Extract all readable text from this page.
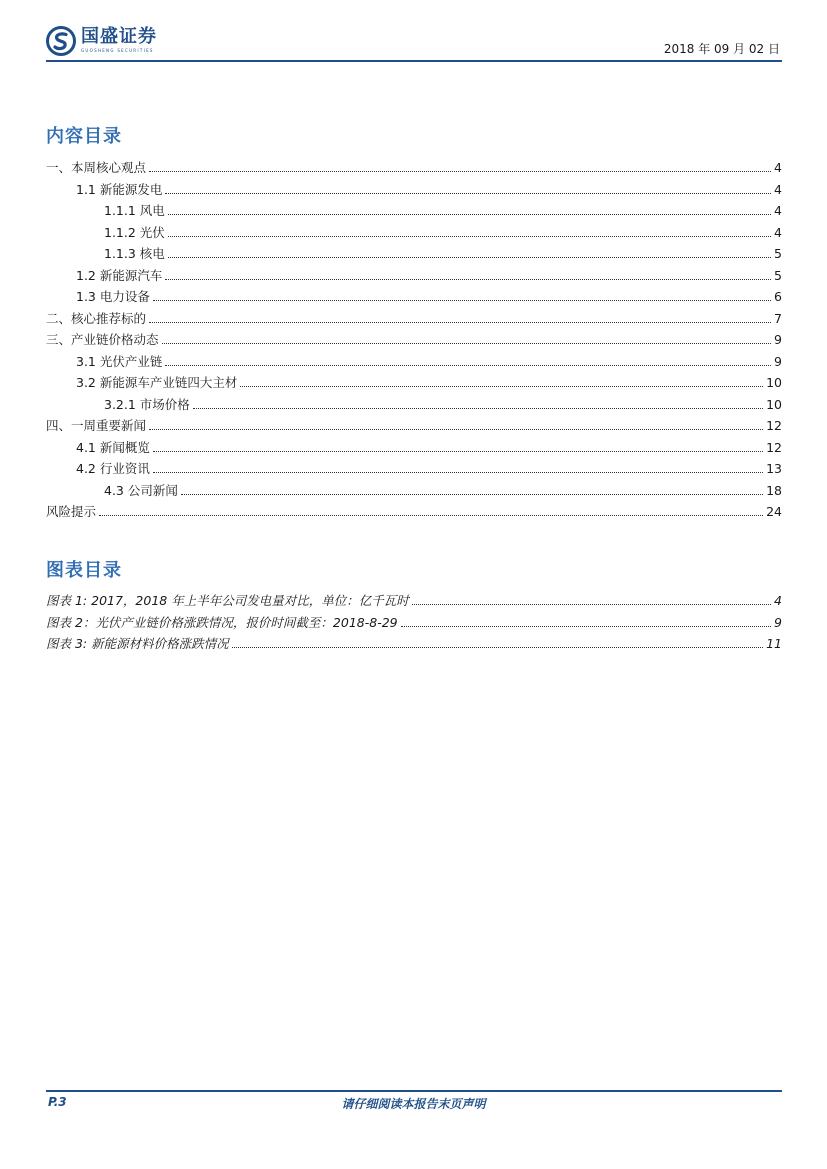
国盛证券
GUOSHENG SECURITIES	2018 年 09 月 02 日
内容目录
一、本周核心观点	4
1.1 新能源发电	4
1.1.1 风电	4
1.1.2 光伏	4
1.1.3 核电	5
1.2 新能源汽车	5
1.3 电力设备	6
二、核心推荐标的	7
三、产业链价格动态	9
3.1 光伏产业链	9
3.2 新能源车产业链四大主材	10
3.2.1 市场价格	10
四、一周重要新闻	12
4.1 新闻概览	12
4.2 行业资讯	13
4.3 公司新闻	18
风险提示	24
图表目录
图表 1: 2017，2018 年上半年公司发电量对比，单位：亿千瓦时	4
图表 2：光伏产业链价格涨跌情况，报价时间截至：2018-8-29	9
图表 3: 新能源材料价格涨跌情况	11
P.3	请仔细阅读本报告末页声明
